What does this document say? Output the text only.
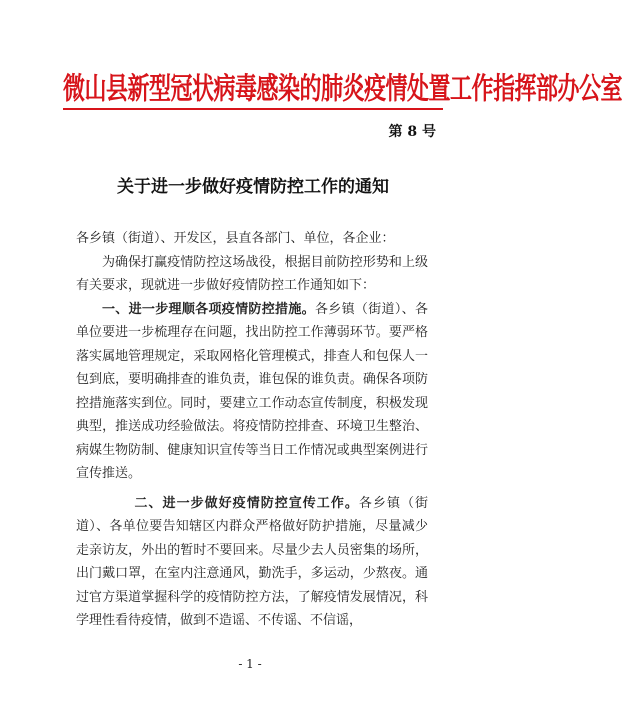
微山县新型冠状病毒感染的肺炎疫情处置工作指挥部办公室
第 8 号
关于进一步做好疫情防控工作的通知

各乡镇（街道）、开发区，县直各部门、单位，各企业：

为确保打赢疫情防控这场战役，根据目前防控形势和上级有关要求，现就进一步做好疫情防控工作通知如下：

一、进一步理顺各项疫情防控措施。各乡镇（街道）、各单位要进一步梳理存在问题，找出防控工作薄弱环节。要严格落实属地管理规定，采取网格化管理模式，排查人和包保人一包到底，要明确排查的谁负责，谁包保的谁负责。确保各项防控措施落实到位。同时，要建立工作动态宣传制度，积极发现典型，推送成功经验做法。将疫情防控排查、环境卫生整治、病媒生物防制、健康知识宣传等当日工作情况或典型案例进行宣传推送。

二、进一步做好疫情防控宣传工作。各乡镇（街道）、各单位要告知辖区内群众严格做好防护措施，尽量减少走亲访友，外出的暂时不要回来。尽量少去人员密集的场所，出门戴口罩，在室内注意通风，勤洗手，多运动，少熬夜。通过官方渠道掌握科学的疫情防控方法，了解疫情发展情况，科学理性看待疫情，做到不造谣、不传谣、不信谣，

- 1 -
